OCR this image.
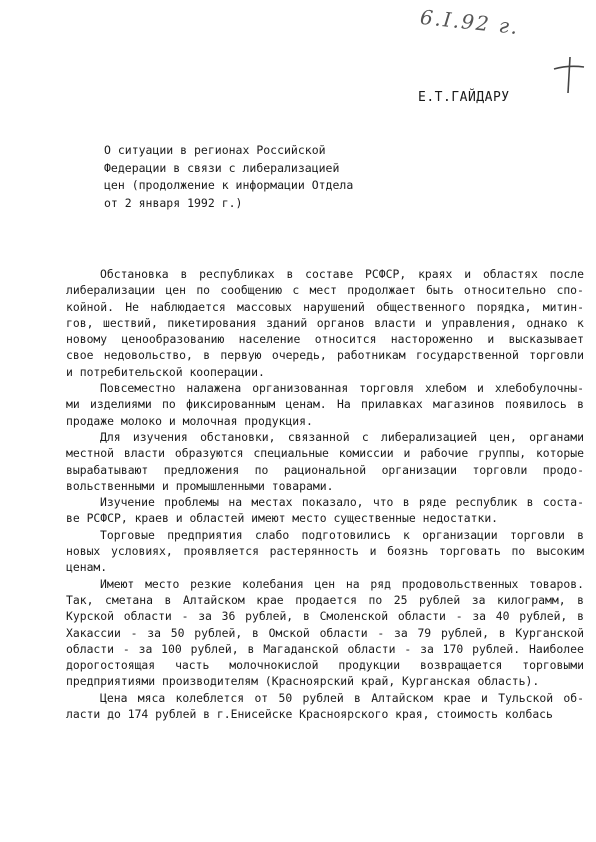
6.I.92 г.
Е.Т.ГАЙДАРУ
О ситуации в регионах Российской
Федерации в связи с либерализацией
цен (продолжение к информации Отдела
от 2 января 1992 г.)
Обстановка в республиках в составе РСФСР, краях и областях после
либерализации цен по сообщению с мест продолжает быть относительно спо-
койной. Не наблюдается массовых нарушений общественного порядка, митин-
гов, шествий, пикетирования зданий органов власти и управления, однако к
новому ценообразованию население относится настороженно и высказывает
свое недовольство, в первую очередь, работникам государственной торговли
и потребительской кооперации.
Повсеместно налажена организованная торговля хлебом и хлебобулочны-
ми изделиями по фиксированным ценам. На прилавках магазинов появилось в
продаже молоко и молочная продукция.
Для изучения обстановки, связанной с либерализацией цен, органами
местной власти образуются специальные комиссии и рабочие группы, которые
вырабатывают предложения по рациональной организации торговли продо-
вольственными и промышленными товарами.
Изучение проблемы на местах показало, что в ряде республик в соста-
ве РСФСР, краев и областей имеют место существенные недостатки.
Торговые предприятия слабо подготовились к организации торговли в
новых условиях, проявляется растерянность и боязнь торговать по высоким
ценам.
Имеют место резкие колебания цен на ряд продовольственных товаров.
Так, сметана в Алтайском крае продается по 25 рублей за килограмм, в
Курской области - за 36 рублей, в Смоленской области - за 40 рублей, в
Хакассии - за 50 рублей, в Омской области - за 79 рублей, в Курганской
области - за 100 рублей, в Магаданской области - за 170 рублей. Наиболее
дорогостоящая часть молочнокислой продукции возвращается торговыми
предприятиями производителям (Красноярский край, Курганская область).
Цена мяса колеблется от 50 рублей в Алтайском крае и Тульской об-
ласти до 174 рублей в г.Енисейске Красноярского края, стоимость колбась
